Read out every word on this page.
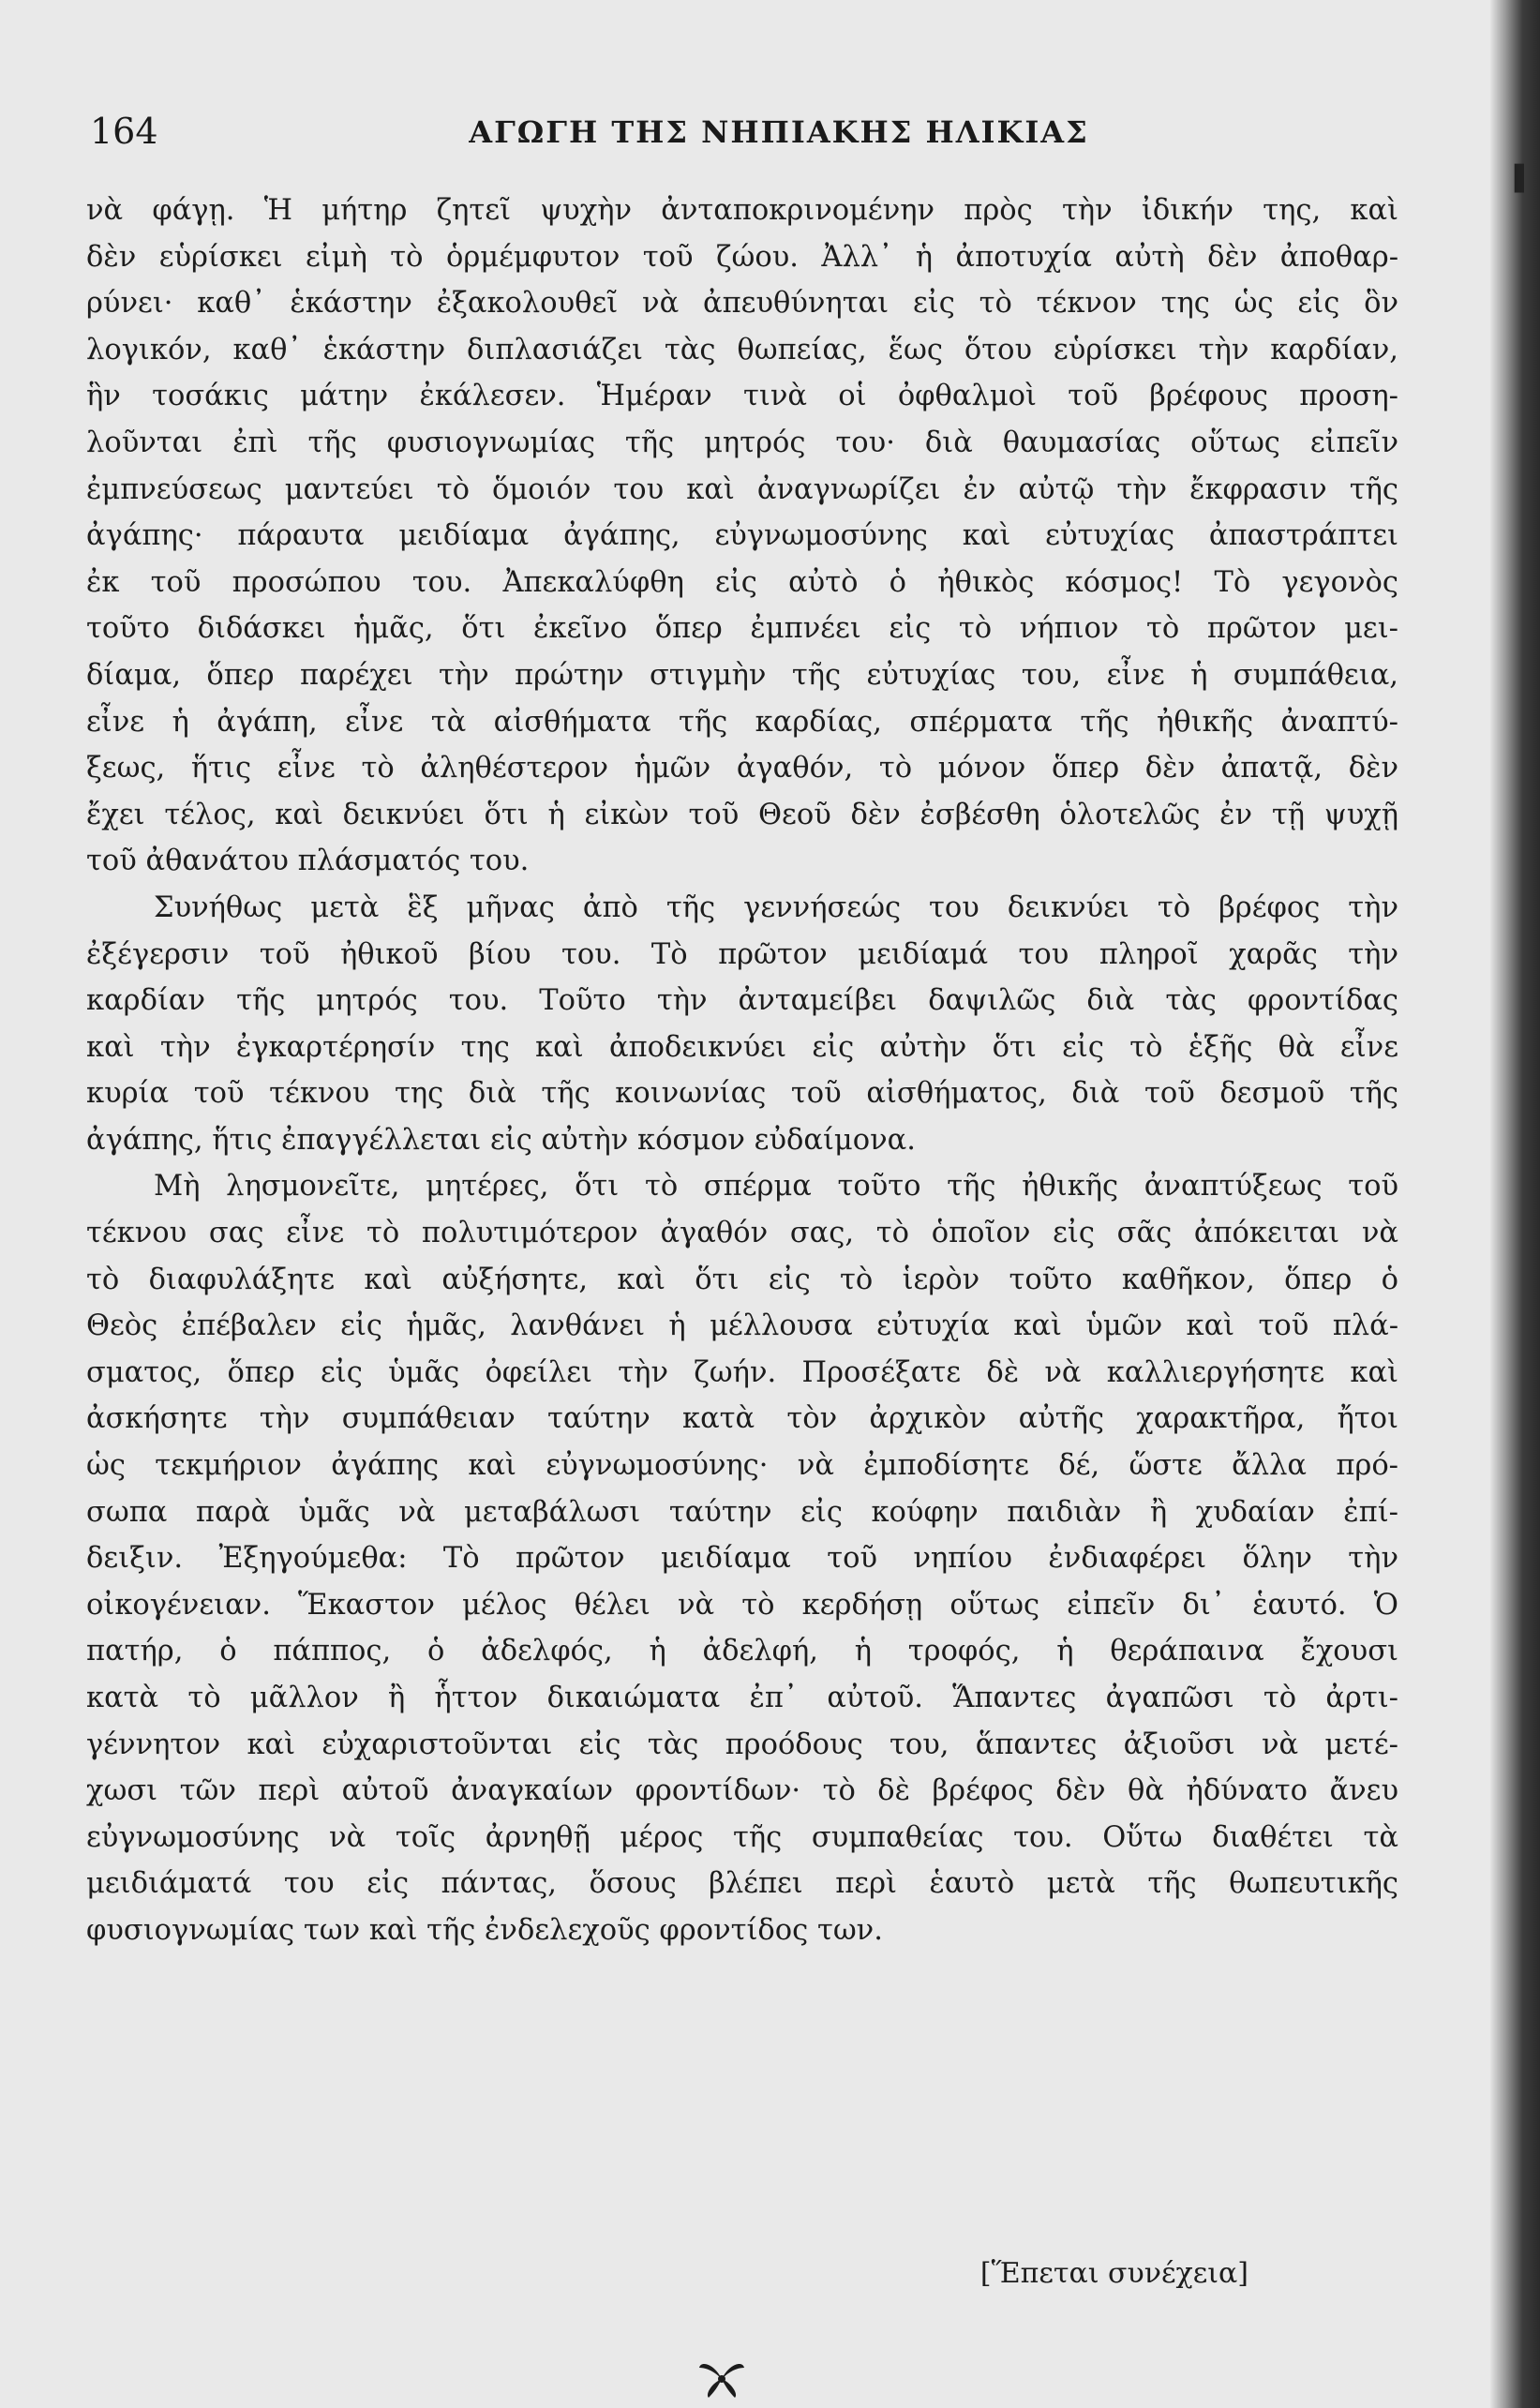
164	ΑΓΩΓΗ ΤΗΣ ΝΗΠΙΑΚΗΣ ΗΛΙΚΙΑΣ
νὰ φάγῃ. Ἡ μήτηρ ζητεῖ ψυχὴν ἀνταποκρινομένην πρὸς τὴν ἰδικήν της, καὶ
δὲν εὑρίσκει εἰμὴ τὸ ὁρμέμφυτον τοῦ ζώου. Ἀλλ᾽ ἡ ἀποτυχία αὐτὴ δὲν ἀποθαρ-
ρύνει· καθ᾽ ἑκάστην ἐξακολουθεῖ νὰ ἀπευθύνηται εἰς τὸ τέκνον της ὡς εἰς ὃν
λογικόν, καθ᾽ ἑκάστην διπλασιάζει τὰς θωπείας, ἕως ὅτου εὑρίσκει τὴν καρδίαν,
ἣν τοσάκις μάτην ἐκάλεσεν. Ἡμέραν τινὰ οἱ ὀφθαλμοὶ τοῦ βρέφους προση-
λοῦνται ἐπὶ τῆς φυσιογνωμίας τῆς μητρός του· διὰ θαυμασίας οὕτως εἰπεῖν
ἐμπνεύσεως μαντεύει τὸ ὅμοιόν του καὶ ἀναγνωρίζει ἐν αὐτῷ τὴν ἔκφρασιν τῆς
ἀγάπης· πάραυτα μειδίαμα ἀγάπης, εὐγνωμοσύνης καὶ εὐτυχίας ἀπαστράπτει
ἐκ τοῦ προσώπου του. Ἀπεκαλύφθη εἰς αὐτὸ ὁ ἠθικὸς κόσμος! Τὸ γεγονὸς
τοῦτο διδάσκει ἡμᾶς, ὅτι ἐκεῖνο ὅπερ ἐμπνέει εἰς τὸ νήπιον τὸ πρῶτον μει-
δίαμα, ὅπερ παρέχει τὴν πρώτην στιγμὴν τῆς εὐτυχίας του, εἶνε ἡ συμπάθεια,
εἶνε ἡ ἀγάπη, εἶνε τὰ αἰσθήματα τῆς καρδίας, σπέρματα τῆς ἠθικῆς ἀναπτύ-
ξεως, ἥτις εἶνε τὸ ἀληθέστερον ἡμῶν ἀγαθόν, τὸ μόνον ὅπερ δὲν ἀπατᾷ, δὲν
ἔχει τέλος, καὶ δεικνύει ὅτι ἡ εἰκὼν τοῦ Θεοῦ δὲν ἐσβέσθη ὁλοτελῶς ἐν τῇ ψυχῇ
τοῦ ἀθανάτου πλάσματός του.
Συνήθως μετὰ ἓξ μῆνας ἀπὸ τῆς γεννήσεώς του δεικνύει τὸ βρέφος τὴν
ἐξέγερσιν τοῦ ἠθικοῦ βίου του. Τὸ πρῶτον μειδίαμά του πληροῖ χαρᾶς τὴν
καρδίαν τῆς μητρός του. Τοῦτο τὴν ἀνταμείβει δαψιλῶς διὰ τὰς φροντίδας
καὶ τὴν ἐγκαρτέρησίν της καὶ ἀποδεικνύει εἰς αὐτὴν ὅτι εἰς τὸ ἑξῆς θὰ εἶνε
κυρία τοῦ τέκνου της διὰ τῆς κοινωνίας τοῦ αἰσθήματος, διὰ τοῦ δεσμοῦ τῆς
ἀγάπης, ἥτις ἐπαγγέλλεται εἰς αὐτὴν κόσμον εὐδαίμονα.
Μὴ λησμονεῖτε, μητέρες, ὅτι τὸ σπέρμα τοῦτο τῆς ἠθικῆς ἀναπτύξεως τοῦ
τέκνου σας εἶνε τὸ πολυτιμότερον ἀγαθόν σας, τὸ ὁποῖον εἰς σᾶς ἀπόκειται νὰ
τὸ διαφυλάξητε καὶ αὐξήσητε, καὶ ὅτι εἰς τὸ ἱερὸν τοῦτο καθῆκον, ὅπερ ὁ
Θεὸς ἐπέβαλεν εἰς ἡμᾶς, λανθάνει ἡ μέλλουσα εὐτυχία καὶ ὑμῶν καὶ τοῦ πλά-
σματος, ὅπερ εἰς ὑμᾶς ὀφείλει τὴν ζωήν. Προσέξατε δὲ νὰ καλλιεργήσητε καὶ
ἀσκήσητε τὴν συμπάθειαν ταύτην κατὰ τὸν ἀρχικὸν αὐτῆς χαρακτῆρα, ἤτοι
ὡς τεκμήριον ἀγάπης καὶ εὐγνωμοσύνης· νὰ ἐμποδίσητε δέ, ὥστε ἄλλα πρό-
σωπα παρὰ ὑμᾶς νὰ μεταβάλωσι ταύτην εἰς κούφην παιδιὰν ἢ χυδαίαν ἐπί-
δειξιν. Ἐξηγούμεθα: Τὸ πρῶτον μειδίαμα τοῦ νηπίου ἐνδιαφέρει ὅλην τὴν
οἰκογένειαν. Ἕκαστον μέλος θέλει νὰ τὸ κερδήσῃ οὕτως εἰπεῖν δι᾽ ἑαυτό. Ὁ
πατήρ, ὁ πάππος, ὁ ἀδελφός, ἡ ἀδελφή, ἡ τροφός, ἡ θεράπαινα ἔχουσι
κατὰ τὸ μᾶλλον ἢ ἧττον δικαιώματα ἐπ᾽ αὐτοῦ. Ἅπαντες ἀγαπῶσι τὸ ἀρτι-
γέννητον καὶ εὐχαριστοῦνται εἰς τὰς προόδους του, ἅπαντες ἀξιοῦσι νὰ μετέ-
χωσι τῶν περὶ αὐτοῦ ἀναγκαίων φροντίδων· τὸ δὲ βρέφος δὲν θὰ ἠδύνατο ἄνευ
εὐγνωμοσύνης νὰ τοῖς ἀρνηθῇ μέρος τῆς συμπαθείας του. Οὕτω διαθέτει τὰ
μειδιάματά του εἰς πάντας, ὅσους βλέπει περὶ ἑαυτὸ μετὰ τῆς θωπευτικῆς
φυσιογνωμίας των καὶ τῆς ἐνδελεχοῦς φροντίδος των.
[Ἕπεται συνέχεια]
▌
